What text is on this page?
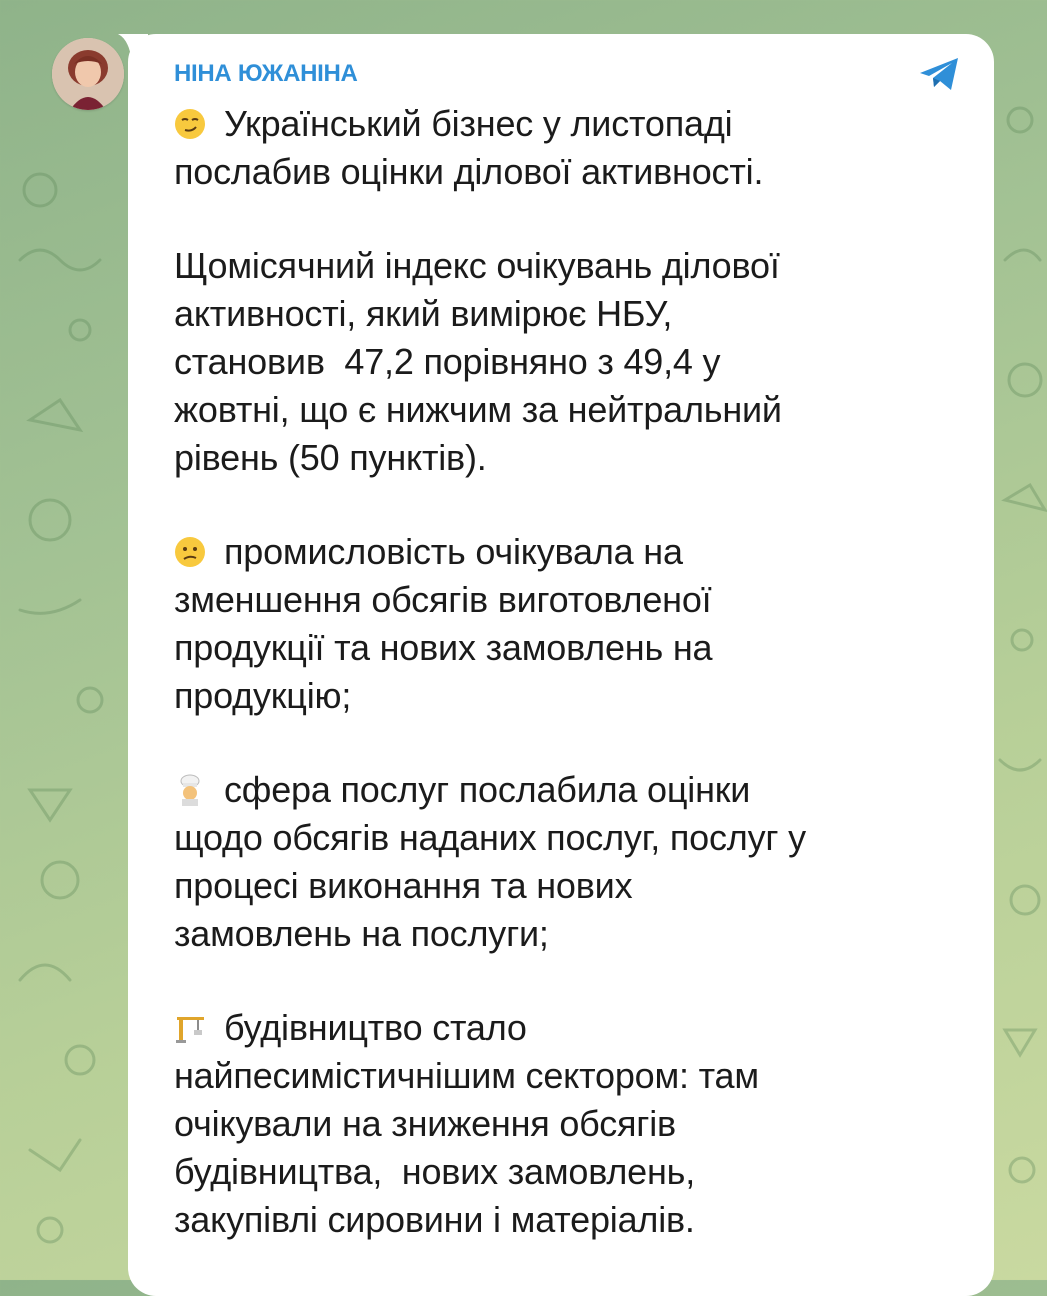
НІНА ЮЖАНІНА

Український бізнес у листопаді

послабив оцінки ділової активності.

Щомісячний індекс очікувань ділової

активності, який вимірює НБУ,

становив  47,2 порівняно з 49,4 у

жовтні, що є нижчим за нейтральний

рівень (50 пунктів).

промисловість очікувала на

зменшення обсягів виготовленої

продукції та нових замовлень на

продукцію;

сфера послуг послабила оцінки

щодо обсягів наданих послуг, послуг у

процесі виконання та нових

замовлень на послуги;

будівництво стало

найпесимістичнішим сектором: там

очікували на зниження обсягів

будівництва,  нових замовлень,

закупівлі сировини і матеріалів.
